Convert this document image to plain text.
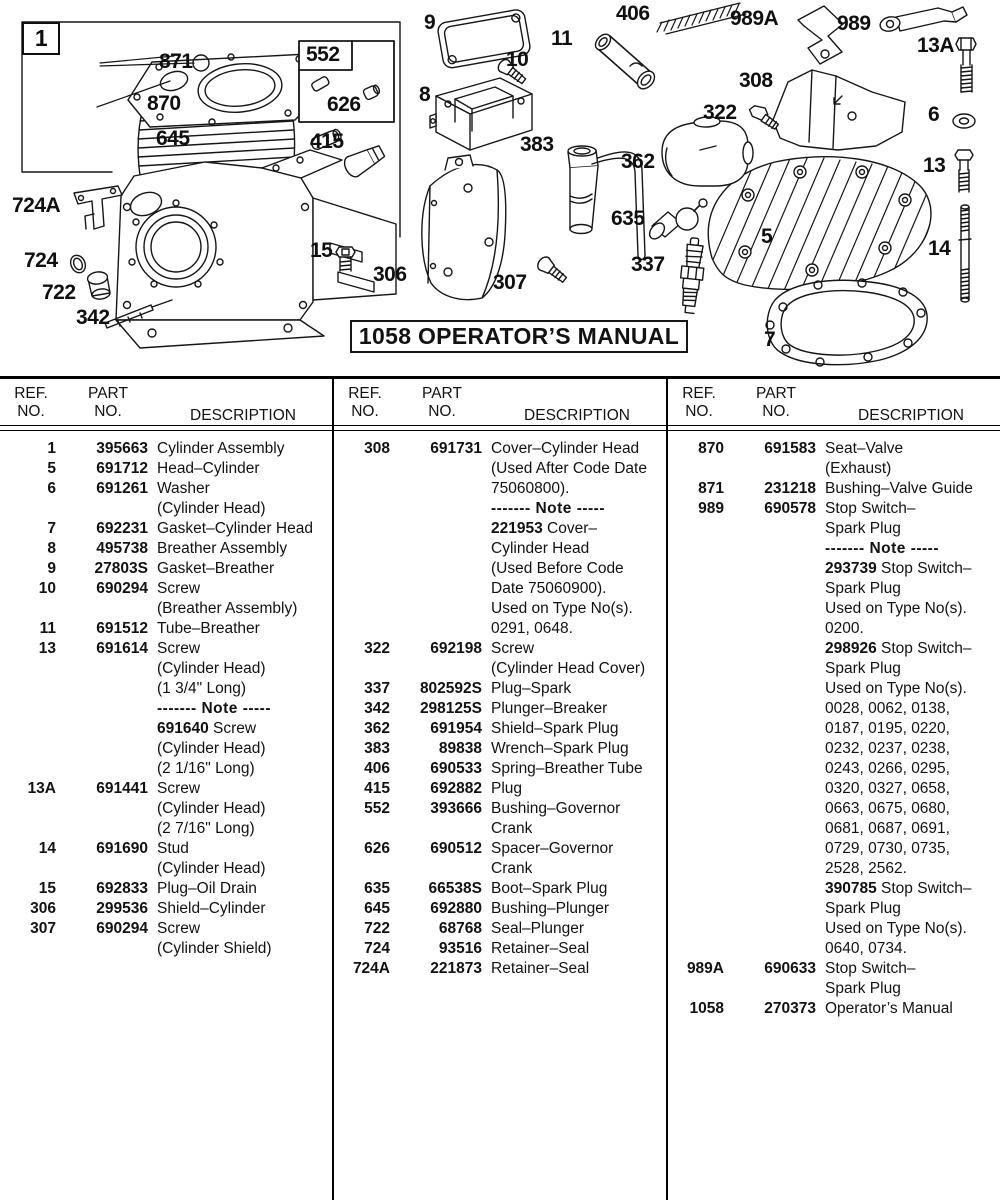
1058 OPERATOR’S MANUAL
1
871
870
645
724A
724
722
342
552
626
415
15
9
10
8
306	307
383
11
362
635
337
406	989A	989
13A
308
322	6
13
5
14
7
REF.
NO.
PART
NO.	DESCRIPTION
1	395663 Cylinder Assembly
5	691712 Head–Cylinder
6	691261 Washer
(Cylinder Head)
7	692231 Gasket–Cylinder Head
8	495738 Breather Assembly
9	27803S Gasket–Breather
10	690294 Screw
(Breather Assembly)
11	691512 Tube–Breather
13	691614 Screw
(Cylinder Head)
(1 3/4" Long)
------- Note -----
691640 Screw
(Cylinder Head)
(2 1/16" Long)
13A	691441 Screw
(Cylinder Head)
(2 7/16" Long)
14	691690 Stud
(Cylinder Head)
15	692833 Plug–Oil Drain
306	299536 Shield–Cylinder
307	690294 Screw
(Cylinder Shield)
REF.
NO.
PART
NO.	DESCRIPTION
308	691731 Cover–Cylinder Head
(Used After Code Date
75060800).
------- Note -----
221953 Cover–
Cylinder Head
(Used Before Code
Date 75060900).
Used on Type No(s).
0291, 0648.
322	692198 Screw
(Cylinder Head Cover)
337	802592S Plug–Spark
342	298125S Plunger–Breaker
362	691954 Shield–Spark Plug
383	89838 Wrench–Spark Plug
406	690533 Spring–Breather Tube
415	692882 Plug
552	393666 Bushing–Governor
Crank
626	690512 Spacer–Governor
Crank
635	66538S Boot–Spark Plug
645	692880 Bushing–Plunger
722	68768 Seal–Plunger
724	93516 Retainer–Seal
724A	221873 Retainer–Seal
REF.
NO.
PART
NO.	DESCRIPTION
870	691583 Seat–Valve
(Exhaust)
871	231218 Bushing–Valve Guide
989	690578 Stop Switch–
Spark Plug
------- Note -----
293739 Stop Switch–
Spark Plug
Used on Type No(s).
0200.
298926 Stop Switch–
Spark Plug
Used on Type No(s).
0028, 0062, 0138,
0187, 0195, 0220,
0232, 0237, 0238,
0243, 0266, 0295,
0320, 0327, 0658,
0663, 0675, 0680,
0681, 0687, 0691,
0729, 0730, 0735,
2528, 2562.
390785 Stop Switch–
Spark Plug
Used on Type No(s).
0640, 0734.
989A	690633 Stop Switch–
Spark Plug
1058	270373 Operator’s Manual
